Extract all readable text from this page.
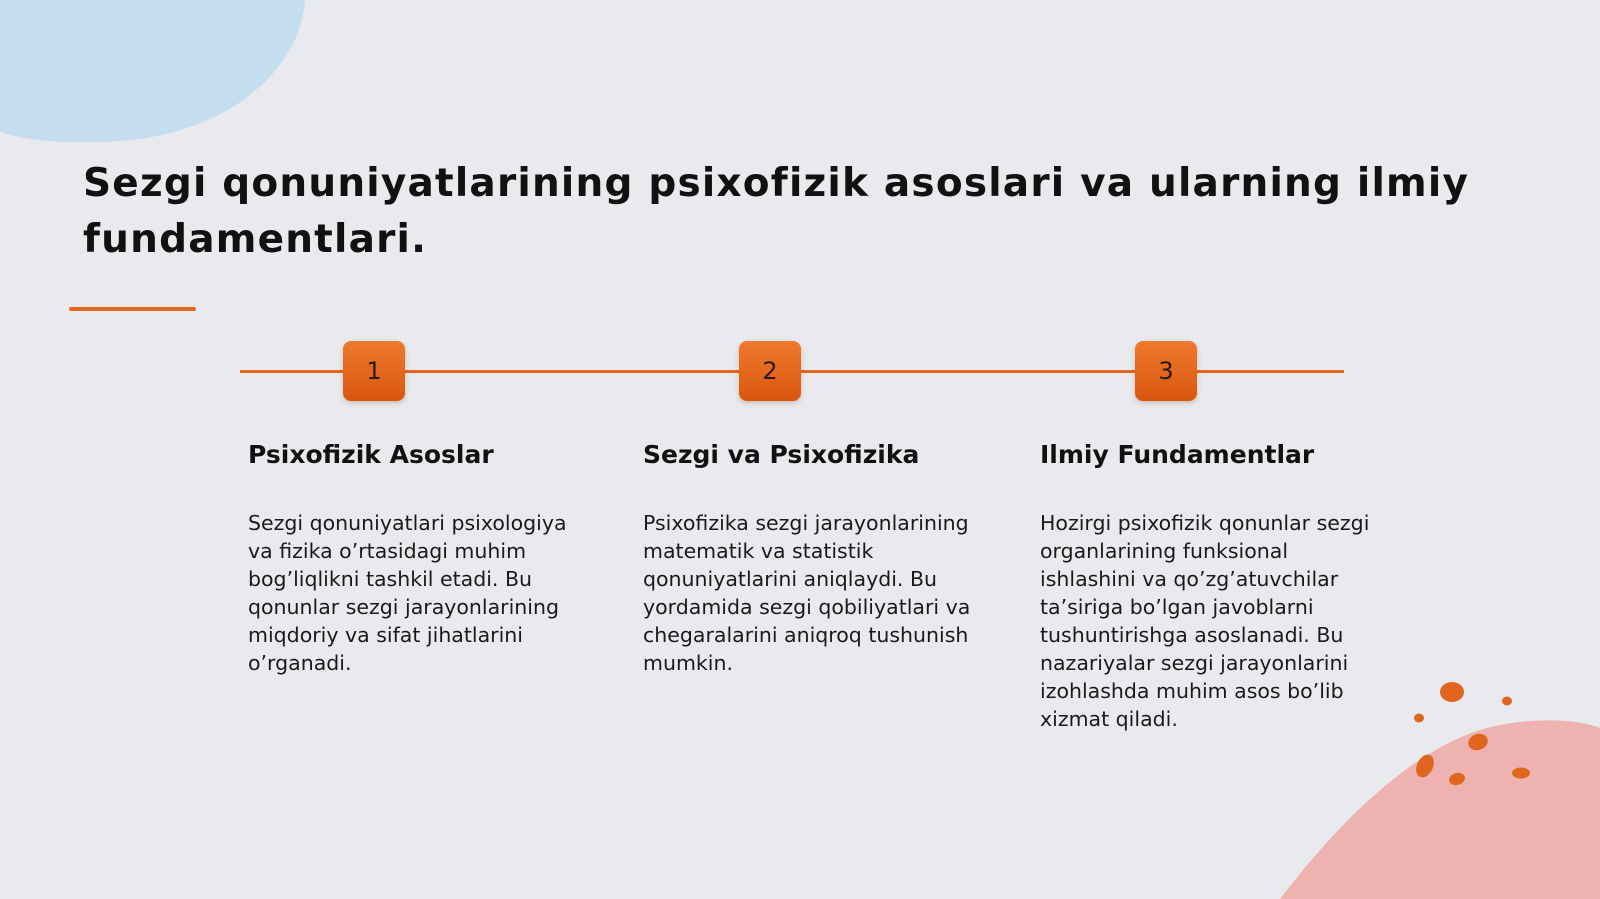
Sezgi qonuniyatlarining psixofizik asoslari va ularning ilmiy fundamentlari.
1	2	3
Psixofizik Asoslar	Sezgi va Psixofizika	Ilmiy Fundamentlar

Sezgi qonuniyatlari psixologiya va fizika o’rtasidagi muhim bog’liqlikni tashkil etadi. Bu qonunlar sezgi jarayonlarining miqdoriy va sifat jihatlarini o’rganadi.

Psixofizika sezgi jarayonlarining matematik va statistik qonuniyatlarini aniqlaydi. Bu yordamida sezgi qobiliyatlari va chegaralarini aniqroq tushunish mumkin.

Hozirgi psixofizik qonunlar sezgi organlarining funksional ishlashini va qo’zg’atuvchilar ta’siriga bo’lgan javoblarni tushuntirishga asoslanadi. Bu nazariyalar sezgi jarayonlarini izohlashda muhim asos bo’lib xizmat qiladi.
